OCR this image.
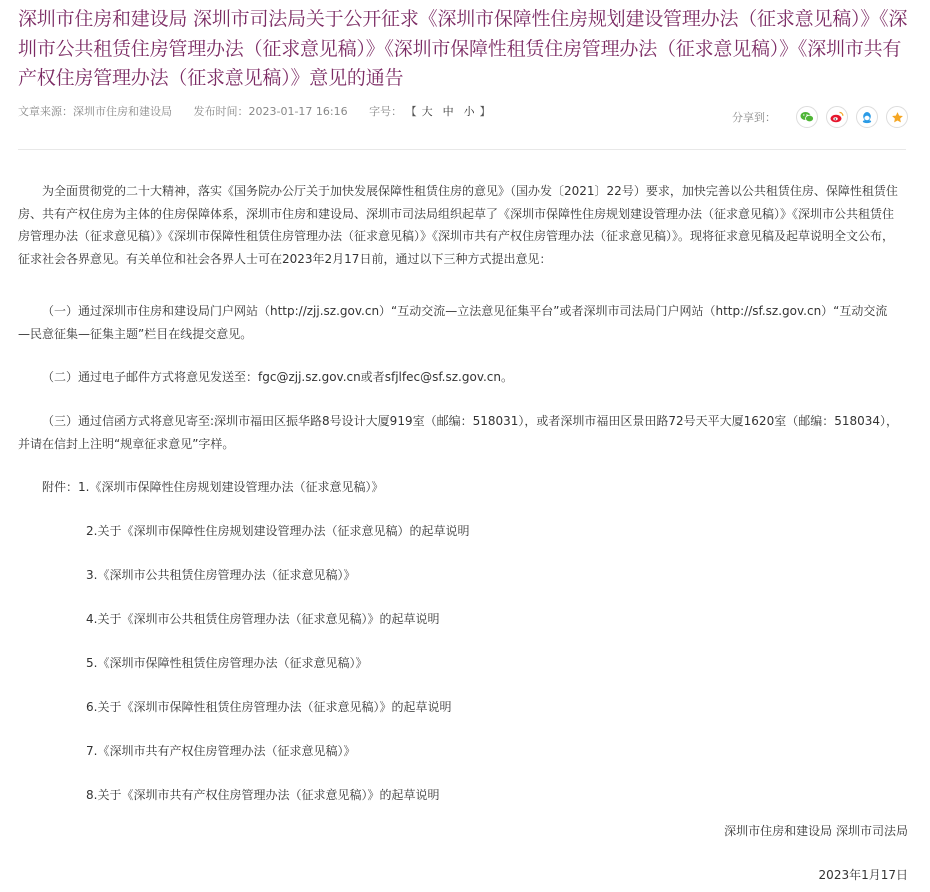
深圳市住房和建设局 深圳市司法局关于公开征求《深圳市保障性住房规划建设管理办法（征求意见稿）》《深圳市公共租赁住房管理办法（征求意见稿）》《深圳市保障性租赁住房管理办法（征求意见稿）》《深圳市共有产权住房管理办法（征求意见稿）》意见的通告
文章来源：深圳市住房和建设局 发布时间：2023-01-17 16:16 字号： 【 大 中 小 】	分享到：

为全面贯彻党的二十大精神，落实《国务院办公厅关于加快发展保障性租赁住房的意见》（国办发〔2021〕22号）要求，加快完善以公共租赁住房、保障性租赁住房、共有产权住房为主体的住房保障体系，深圳市住房和建设局、深圳市司法局组织起草了《深圳市保障性住房规划建设管理办法（征求意见稿）》《深圳市公共租赁住房管理办法（征求意见稿）》《深圳市保障性租赁住房管理办法（征求意见稿）》《深圳市共有产权住房管理办法（征求意见稿）》。现将征求意见稿及起草说明全文公布，征求社会各界意见。有关单位和社会各界人士可在2023年2月17日前，通过以下三种方式提出意见：

（一）通过深圳市住房和建设局门户网站（http://zjj.sz.gov.cn）“互动交流—立法意见征集平台”或者深圳市司法局门户网站（http://sf.sz.gov.cn）“互动交流—民意征集—征集主题”栏目在线提交意见。

（二）通过电子邮件方式将意见发送至：fgc@zjj.sz.gov.cn或者sfjlfec@sf.sz.gov.cn。

（三）通过信函方式将意见寄至:深圳市福田区振华路8号设计大厦919室（邮编：518031），或者深圳市福田区景田路72号天平大厦1620室（邮编：518034），并请在信封上注明“规章征求意见”字样。

附件：1.《深圳市保障性住房规划建设管理办法（征求意见稿）》
2.关于《深圳市保障性住房规划建设管理办法（征求意见稿）的起草说明
3.《深圳市公共租赁住房管理办法（征求意见稿）》
4.关于《深圳市公共租赁住房管理办法（征求意见稿）》的起草说明
5.《深圳市保障性租赁住房管理办法（征求意见稿）》
6.关于《深圳市保障性租赁住房管理办法（征求意见稿）》的起草说明
7.《深圳市共有产权住房管理办法（征求意见稿）》
8.关于《深圳市共有产权住房管理办法（征求意见稿）》的起草说明
深圳市住房和建设局 深圳市司法局
2023年1月17日
